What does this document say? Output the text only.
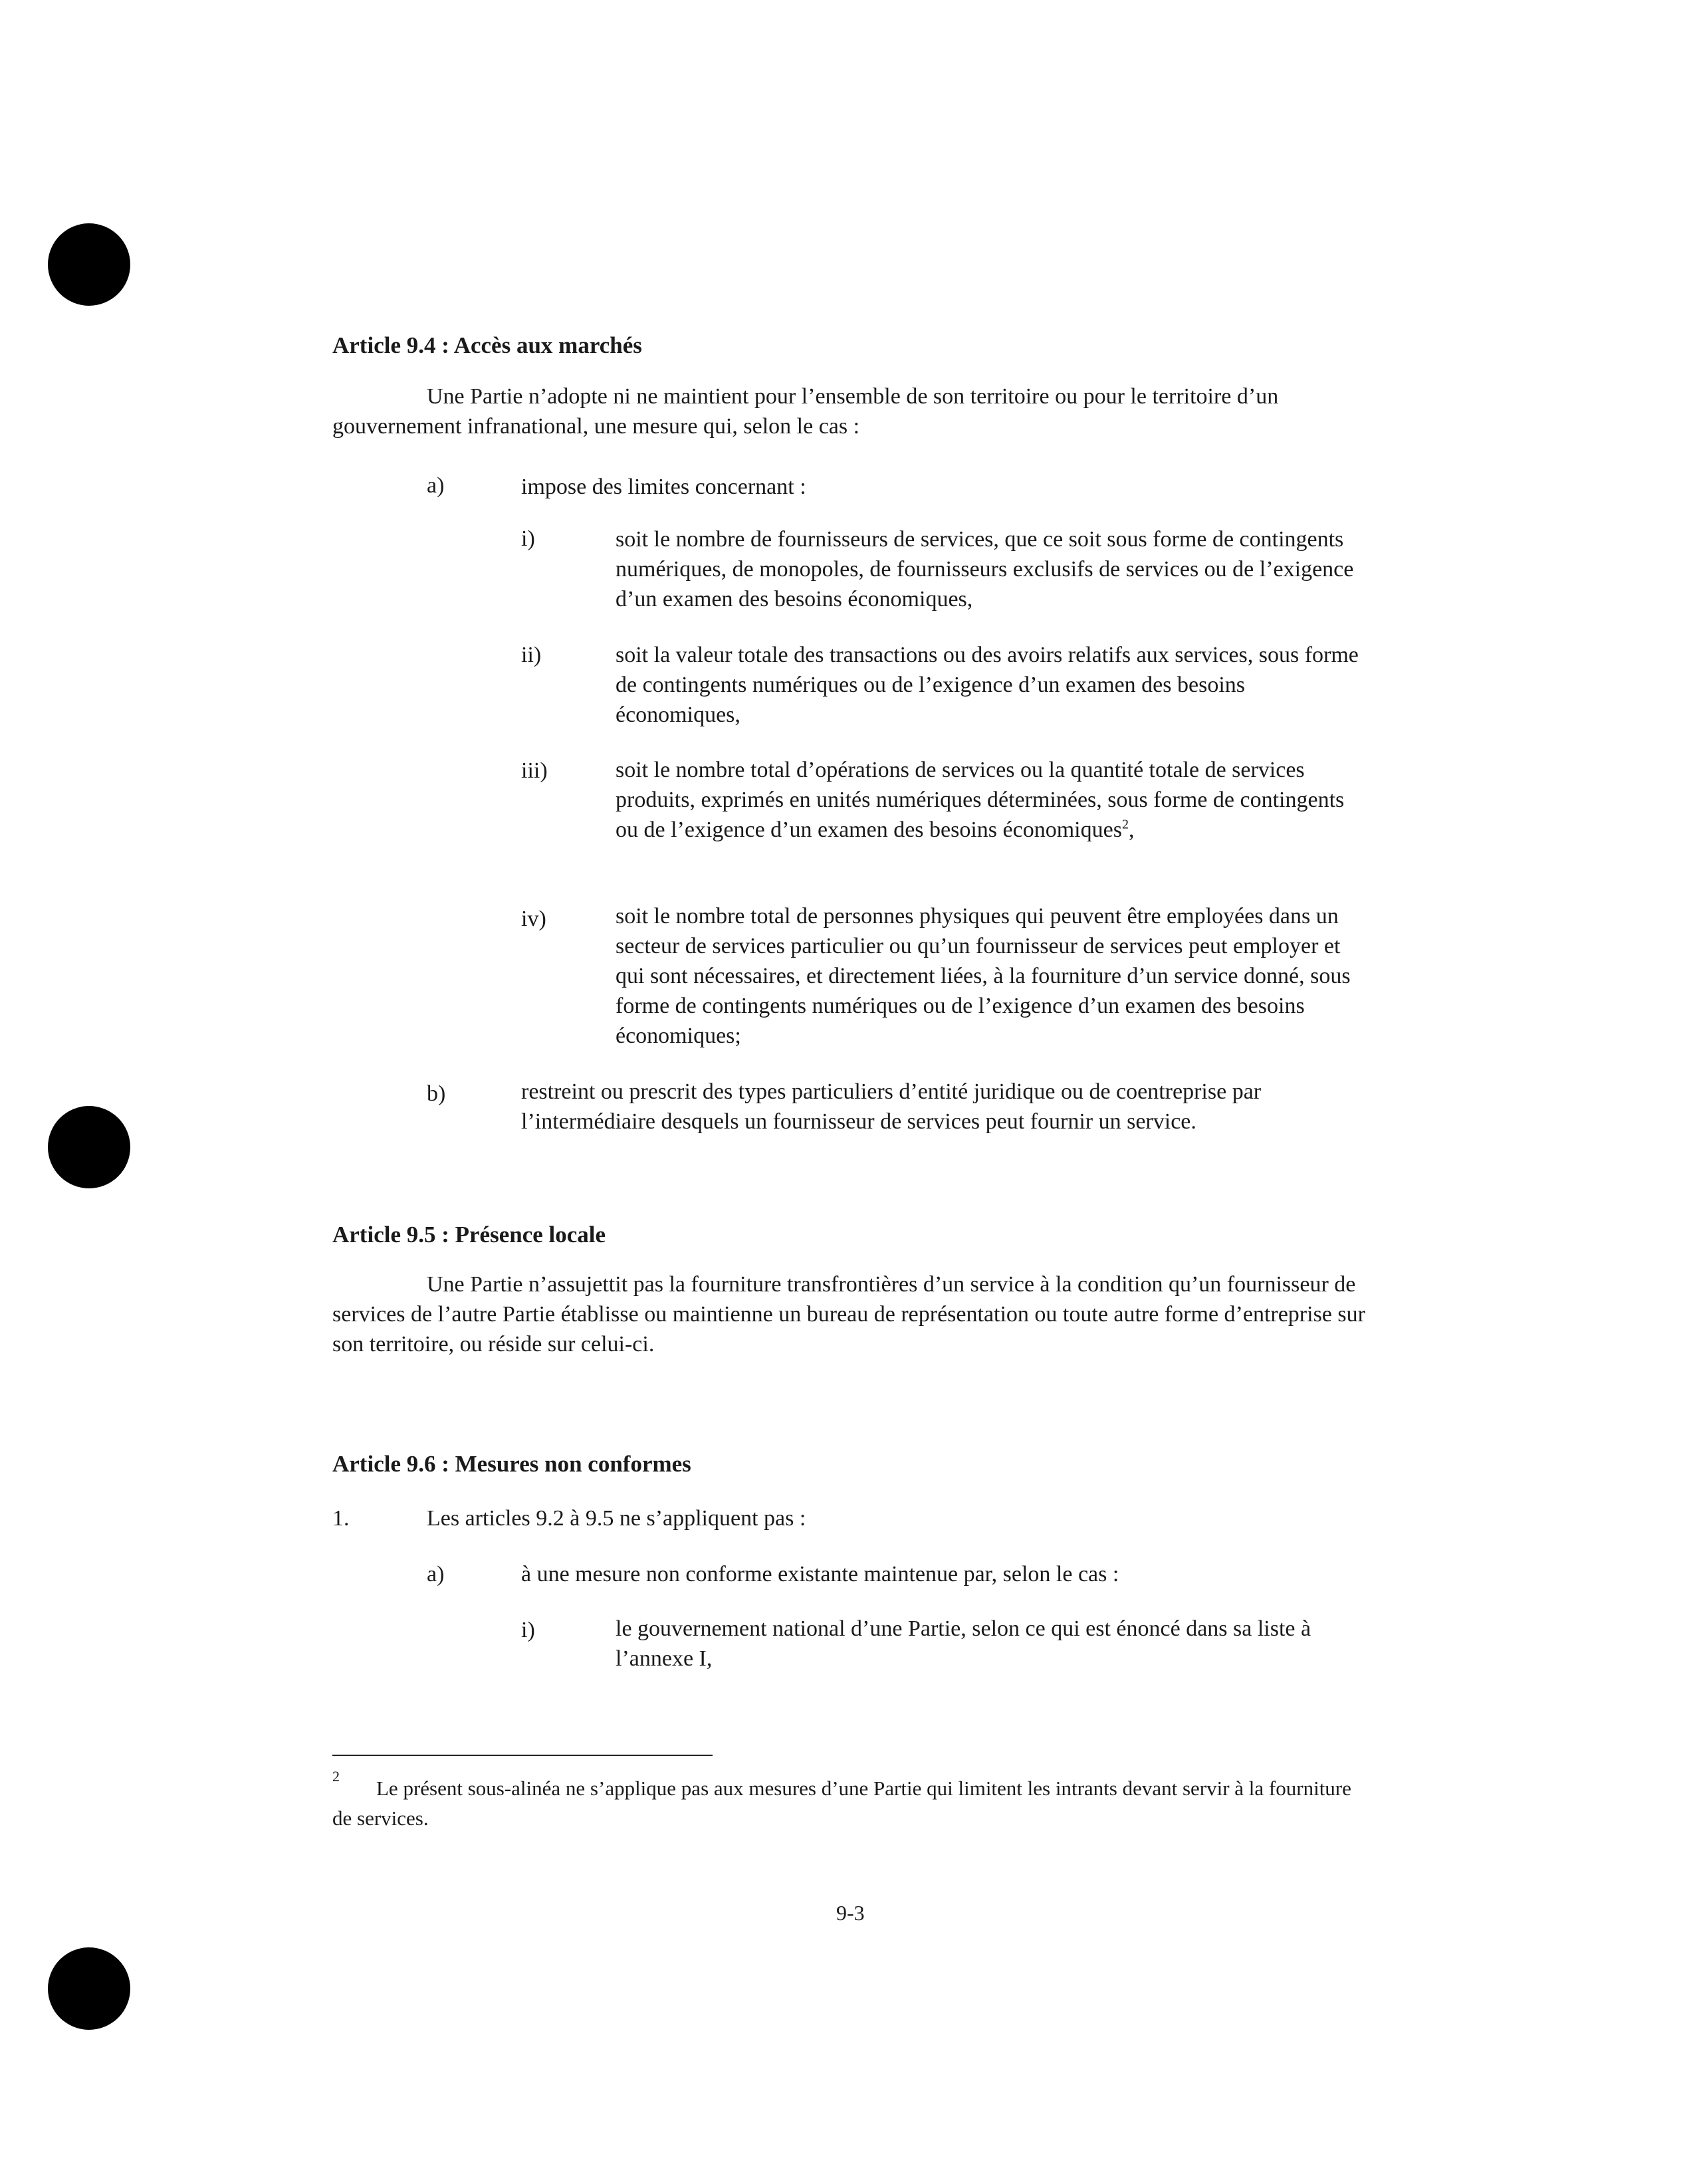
Article 9.4 : Accès aux marchés
Une Partie n’adopte ni ne maintient pour l’ensemble de son territoire ou pour le territoire d’un gouvernement infranational, une mesure qui, selon le cas :
a)	impose des limites concernant :
i)	soit le nombre de fournisseurs de services, que ce soit sous forme de contingents numériques, de monopoles, de fournisseurs exclusifs de services ou de l’exigence d’un examen des besoins économiques,
ii)	soit la valeur totale des transactions ou des avoirs relatifs aux services, sous forme de contingents numériques ou de l’exigence d’un examen des besoins économiques,
iii)	soit le nombre total d’opérations de services ou la quantité totale de services produits, exprimés en unités numériques déterminées, sous forme de contingents ou de l’exigence d’un examen des besoins économiques$^2$,
iv)	soit le nombre total de personnes physiques qui peuvent être employées dans un secteur de services particulier ou qu’un fournisseur de services peut employer et qui sont nécessaires, et directement liées, à la fourniture d’un service donné, sous forme de contingents numériques ou de l’exigence d’un examen des besoins économiques;
b)	restreint ou prescrit des types particuliers d’entité juridique ou de coentreprise par l’intermédiaire desquels un fournisseur de services peut fournir un service.
Article 9.5 : Présence locale
Une Partie n’assujettit pas la fourniture transfrontières d’un service à la condition qu’un fournisseur de services de l’autre Partie établisse ou maintienne un bureau de représentation ou toute autre forme d’entreprise sur son territoire, ou réside sur celui-ci.
Article 9.6 : Mesures non conformes
1.	Les articles 9.2 à 9.5 ne s’appliquent pas :
a)	à une mesure non conforme existante maintenue par, selon le cas :
i)	le gouvernement national d’une Partie, selon ce qui est énoncé dans sa liste à l’annexe I,
2
Le présent sous-alinéa ne s’applique pas aux mesures d’une Partie qui limitent les intrants devant servir à la fourniture de services.
9-3
